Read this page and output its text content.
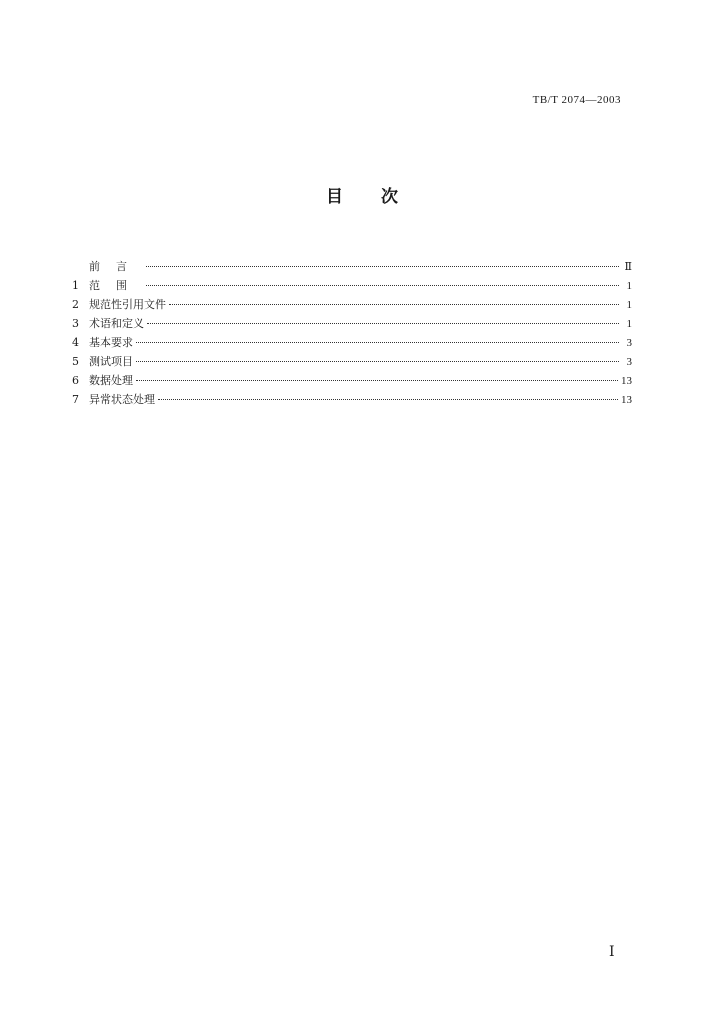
TB/T 2074—2003
目次
前言	Ⅱ
1 范围	1
2 规范性引用文件	1
3 术语和定义	1
4 基本要求	3
5 测试项目	3
6 数据处理	13
7 异常状态处理	13
Ⅰ
